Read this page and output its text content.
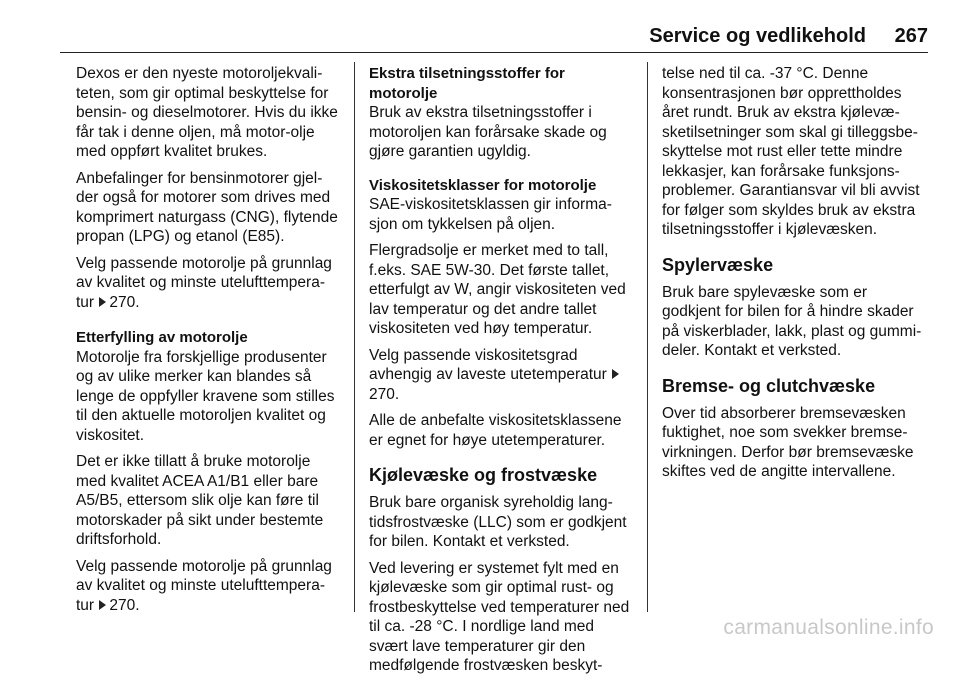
Service og vedlikehold 267

Dexos er den nyeste motoroljekvali-teten, som gir optimal beskyttelse for bensin- og dieselmotorer. Hvis du ikke får tak i denne oljen, må motor-olje med oppført kvalitet brukes.

Anbefalinger for bensinmotorer gjel-der også for motorer som drives med komprimert naturgass (CNG), flytende propan (LPG) og etanol (E85).

Velg passende motorolje på grunnlag av kvalitet og minste utelufttempera-tur 270.

Etterfylling av motorolje

Motorolje fra forskjellige produsenter og av ulike merker kan blandes så lenge de oppfyller kravene som stilles til den aktuelle motoroljen kvalitet og viskositet.

Det er ikke tillatt å bruke motorolje med kvalitet ACEA A1/B1 eller bare A5/B5, ettersom slik olje kan føre til motorskader på sikt under bestemte driftsforhold.

Velg passende motorolje på grunnlag av kvalitet og minste utelufttempera-tur 270.

Ekstra tilsetningsstoffer for motorolje

Bruk av ekstra tilsetningsstoffer i motoroljen kan forårsake skade og gjøre garantien ugyldig.

Viskositetsklasser for motorolje

SAE-viskositetsklassen gir informa-sjon om tykkelsen på oljen.

Flergradsolje er merket med to tall, f.eks. SAE 5W-30. Det første tallet, etterfulgt av W, angir viskositeten ved lav temperatur og det andre tallet viskositeten ved høy temperatur.

Velg passende viskositetsgrad avhengig av laveste utetemperatur 270.

Alle de anbefalte viskositetsklassene er egnet for høye utetemperaturer.

Kjølevæske og frostvæske

Bruk bare organisk syreholdig lang-tidsfrostvæske (LLC) som er godkjent for bilen. Kontakt et verksted.

Ved levering er systemet fylt med en kjølevæske som gir optimal rust- og frostbeskyttelse ved temperaturer ned til ca. -28 °C. I nordlige land med svært lave temperaturer gir den medfølgende frostvæsken beskyt-

telse ned til ca. -37 °C. Denne konsentrasjonen bør opprettholdes året rundt. Bruk av ekstra kjølevæ-sketilsetninger som skal gi tilleggsbe-skyttelse mot rust eller tette mindre lekkasjer, kan forårsake funksjons-problemer. Garantiansvar vil bli avvist for følger som skyldes bruk av ekstra tilsetningsstoffer i kjølevæsken.

Spylervæske

Bruk bare spylevæske som er godkjent for bilen for å hindre skader på viskerblader, lakk, plast og gummi-deler. Kontakt et verksted.

Bremse- og clutchvæske

Over tid absorberer bremsevæsken fuktighet, noe som svekker bremse-virkningen. Derfor bør bremsevæske skiftes ved de angitte intervallene.

carmanualsonline.info
